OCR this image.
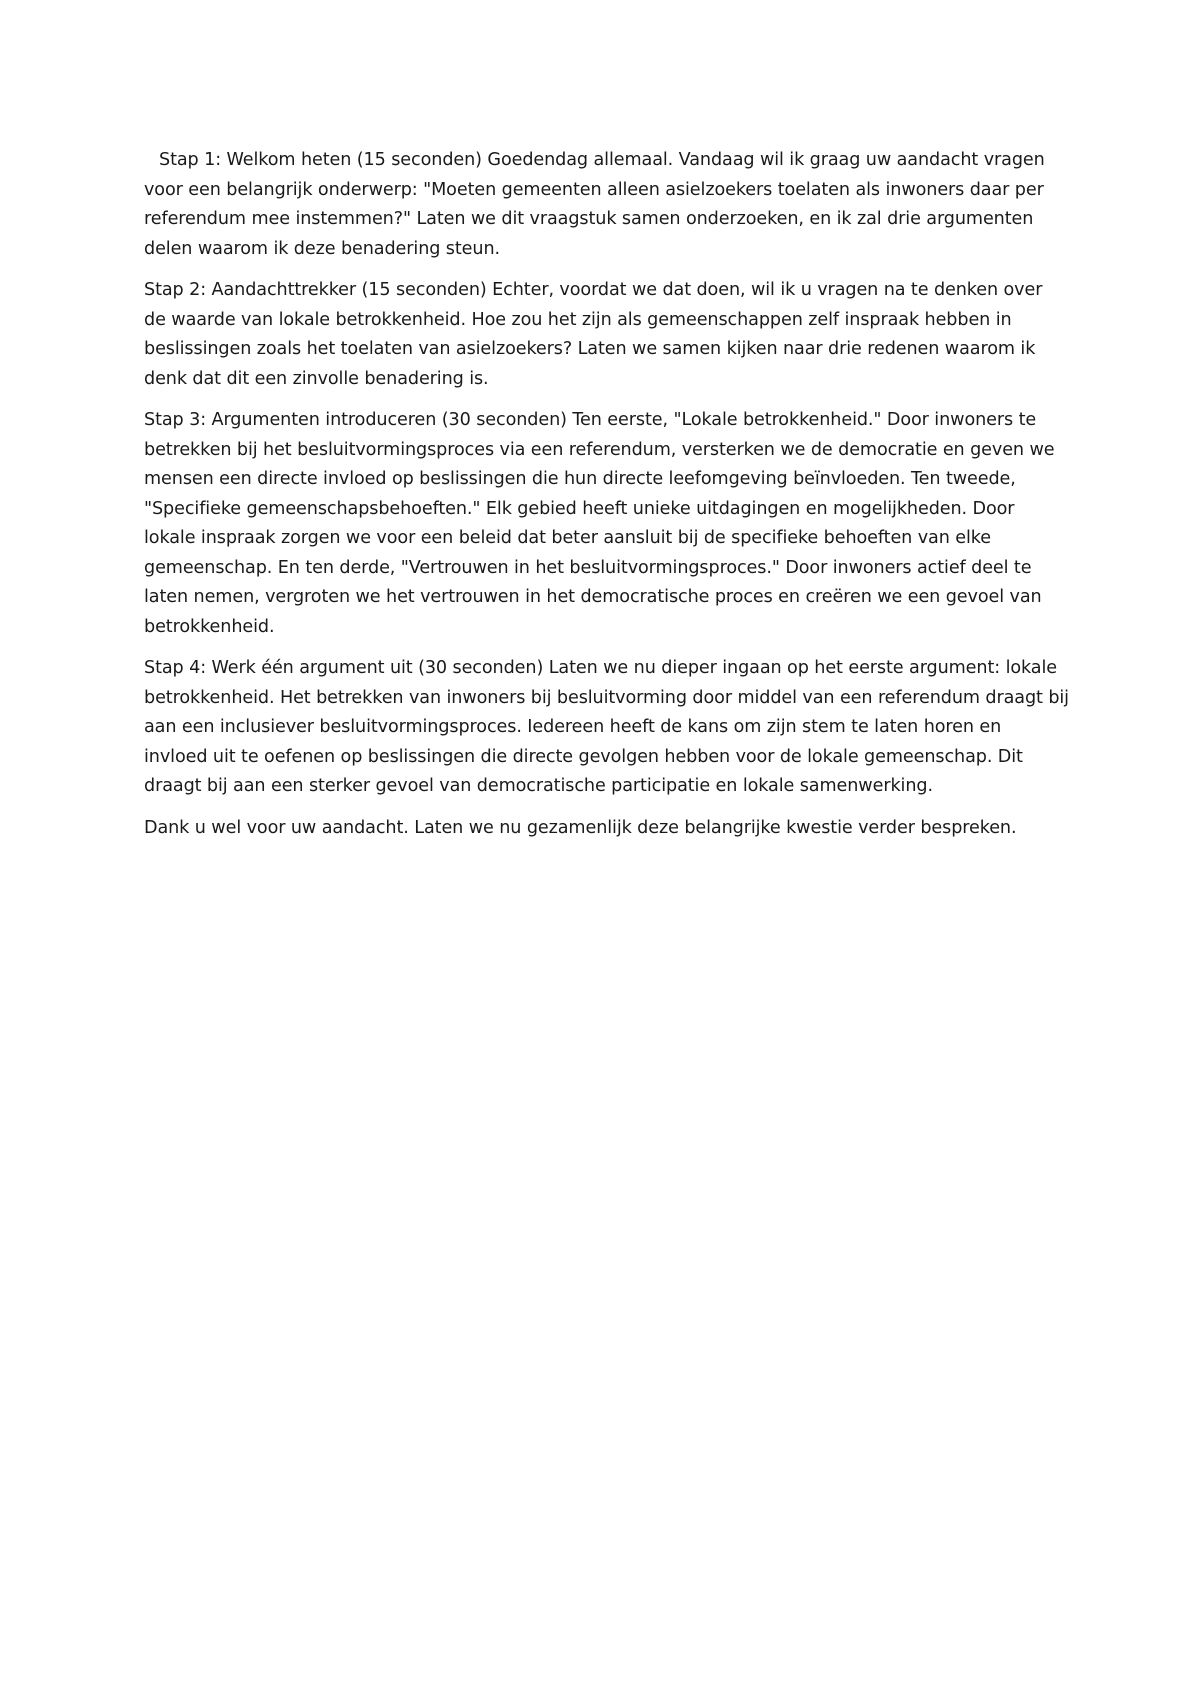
Stap 1: Welkom heten (15 seconden) Goedendag allemaal. Vandaag wil ik graag uw aandacht vragen voor een belangrijk onderwerp: "Moeten gemeenten alleen asielzoekers toelaten als inwoners daar per referendum mee instemmen?" Laten we dit vraagstuk samen onderzoeken, en ik zal drie argumenten delen waarom ik deze benadering steun.

Stap 2: Aandachttrekker (15 seconden) Echter, voordat we dat doen, wil ik u vragen na te denken over de waarde van lokale betrokkenheid. Hoe zou het zijn als gemeenschappen zelf inspraak hebben in beslissingen zoals het toelaten van asielzoekers? Laten we samen kijken naar drie redenen waarom ik denk dat dit een zinvolle benadering is.

Stap 3: Argumenten introduceren (30 seconden) Ten eerste, "Lokale betrokkenheid." Door inwoners te betrekken bij het besluitvormingsproces via een referendum, versterken we de democratie en geven we mensen een directe invloed op beslissingen die hun directe leefomgeving beïnvloeden. Ten tweede, "Specifieke gemeenschapsbehoeften." Elk gebied heeft unieke uitdagingen en mogelijkheden. Door lokale inspraak zorgen we voor een beleid dat beter aansluit bij de specifieke behoeften van elke gemeenschap. En ten derde, "Vertrouwen in het besluitvormingsproces." Door inwoners actief deel te laten nemen, vergroten we het vertrouwen in het democratische proces en creëren we een gevoel van betrokkenheid.

Stap 4: Werk één argument uit (30 seconden) Laten we nu dieper ingaan op het eerste argument: lokale betrokkenheid. Het betrekken van inwoners bij besluitvorming door middel van een referendum draagt bij aan een inclusiever besluitvormingsproces. Iedereen heeft de kans om zijn stem te laten horen en invloed uit te oefenen op beslissingen die directe gevolgen hebben voor de lokale gemeenschap. Dit draagt bij aan een sterker gevoel van democratische participatie en lokale samenwerking.

Dank u wel voor uw aandacht. Laten we nu gezamenlijk deze belangrijke kwestie verder bespreken.
